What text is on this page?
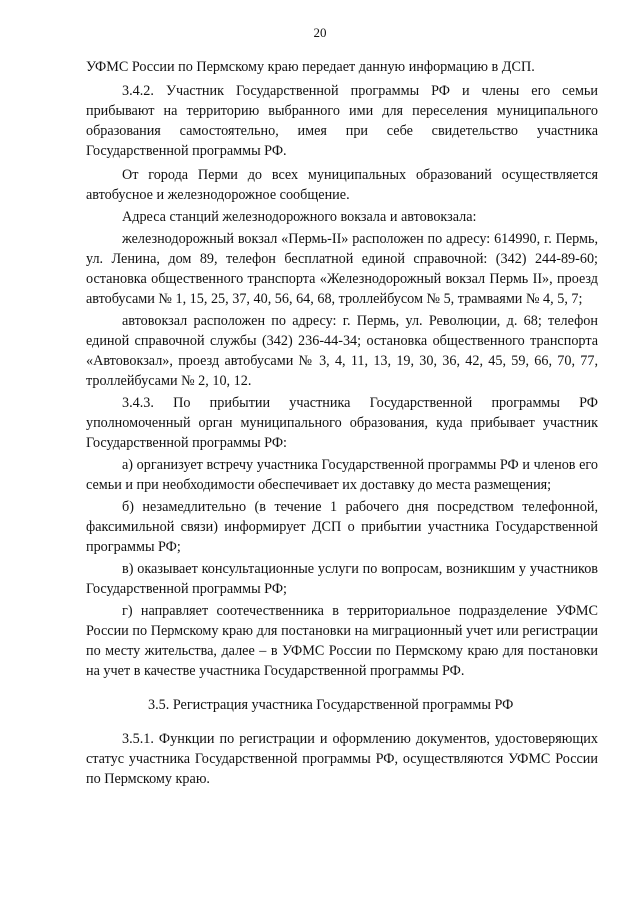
20

УФМС России по Пермскому краю передает данную информацию в ДСП.

3.4.2. Участник Государственной программы РФ и члены его семьи прибывают на территорию выбранного ими для переселения муниципального образования самостоятельно, имея при себе свидетельство участника Государственной программы РФ.

От города Перми до всех муниципальных образований осуществляется автобусное и железнодорожное сообщение.

Адреса станций железнодорожного вокзала и автовокзала:

железнодорожный вокзал «Пермь-II» расположен по адресу: 614990, г. Пермь, ул. Ленина, дом 89, телефон бесплатной единой справочной: (342) 244-89-60; остановка общественного транспорта «Железнодорожный вокзал Пермь II», проезд автобусами № 1, 15, 25, 37, 40, 56, 64, 68, троллейбусом № 5, трамваями № 4, 5, 7;

автовокзал расположен по адресу: г. Пермь, ул. Революции, д. 68; телефон единой справочной службы (342) 236-44-34; остановка общественного транспорта «Автовокзал», проезд автобусами № 3, 4, 11, 13, 19, 30, 36, 42, 45, 59, 66, 70, 77, троллейбусами № 2, 10, 12.

3.4.3. По прибытии участника Государственной программы РФ уполномоченный орган муниципального образования, куда прибывает участник Государственной программы РФ:

а) организует встречу участника Государственной программы РФ и членов его семьи и при необходимости обеспечивает их доставку до места размещения;

б) незамедлительно (в течение 1 рабочего дня посредством телефонной, факсимильной связи) информирует ДСП о прибытии участника Государственной программы РФ;

в) оказывает консультационные услуги по вопросам, возникшим у участников Государственной программы РФ;

г) направляет соотечественника в территориальное подразделение УФМС России по Пермскому краю для постановки на миграционный учет или регистрации по месту жительства, далее – в УФМС России по Пермскому краю для постановки на учет в качестве участника Государственной программы РФ.

3.5. Регистрация участника Государственной программы РФ

3.5.1. Функции по регистрации и оформлению документов, удостоверяющих статус участника Государственной программы РФ, осуществляются УФМС России по Пермскому краю.
